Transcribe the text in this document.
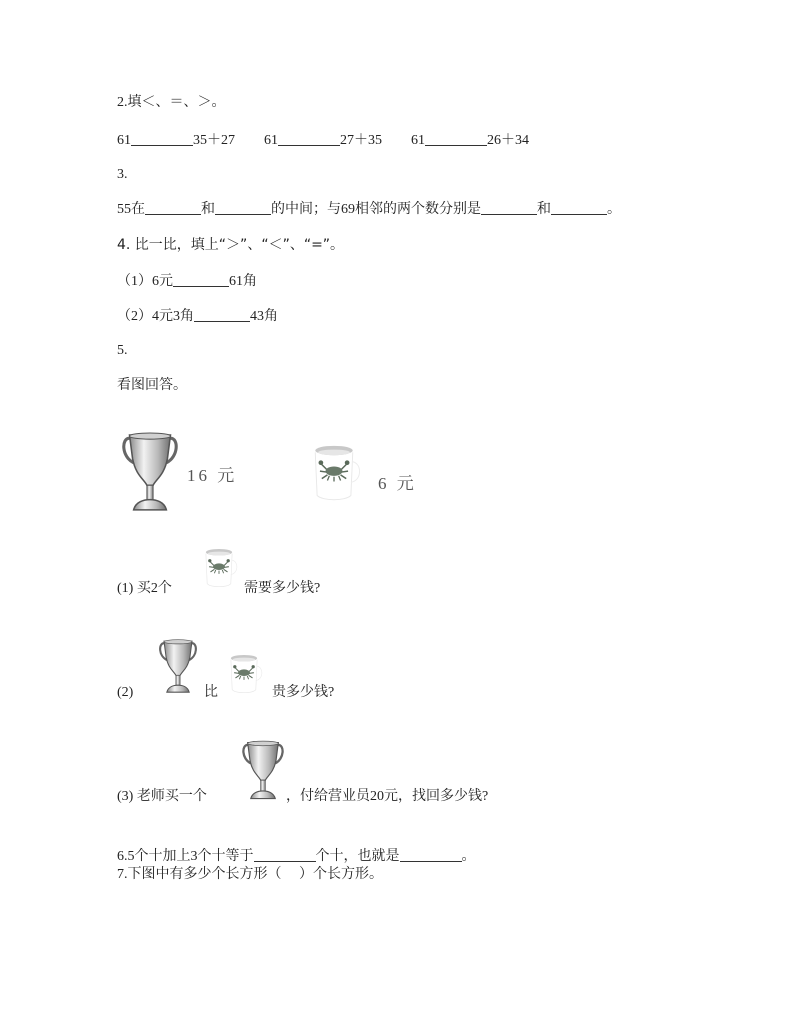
2.填＜、＝、＞。
61	35＋27 61	27＋35 61	26＋34
3.
55在	和	的中间；与69相邻的两个数分别是	和	。
4. 比一比，填上“＞”、“＜”、“=”。
（1）6元	61角
（2）4元3角	43角
5.
看图回答。
16 元	6 元
(1) 买2个	需要多少钱?
(2)	比	贵多少钱?
(3) 老师买一个	，付给营业员20元，找回多少钱?
6.5个十加上3个十等于	个十，也就是	。
7.下图中有多少个长方形（     ）个长方形。
